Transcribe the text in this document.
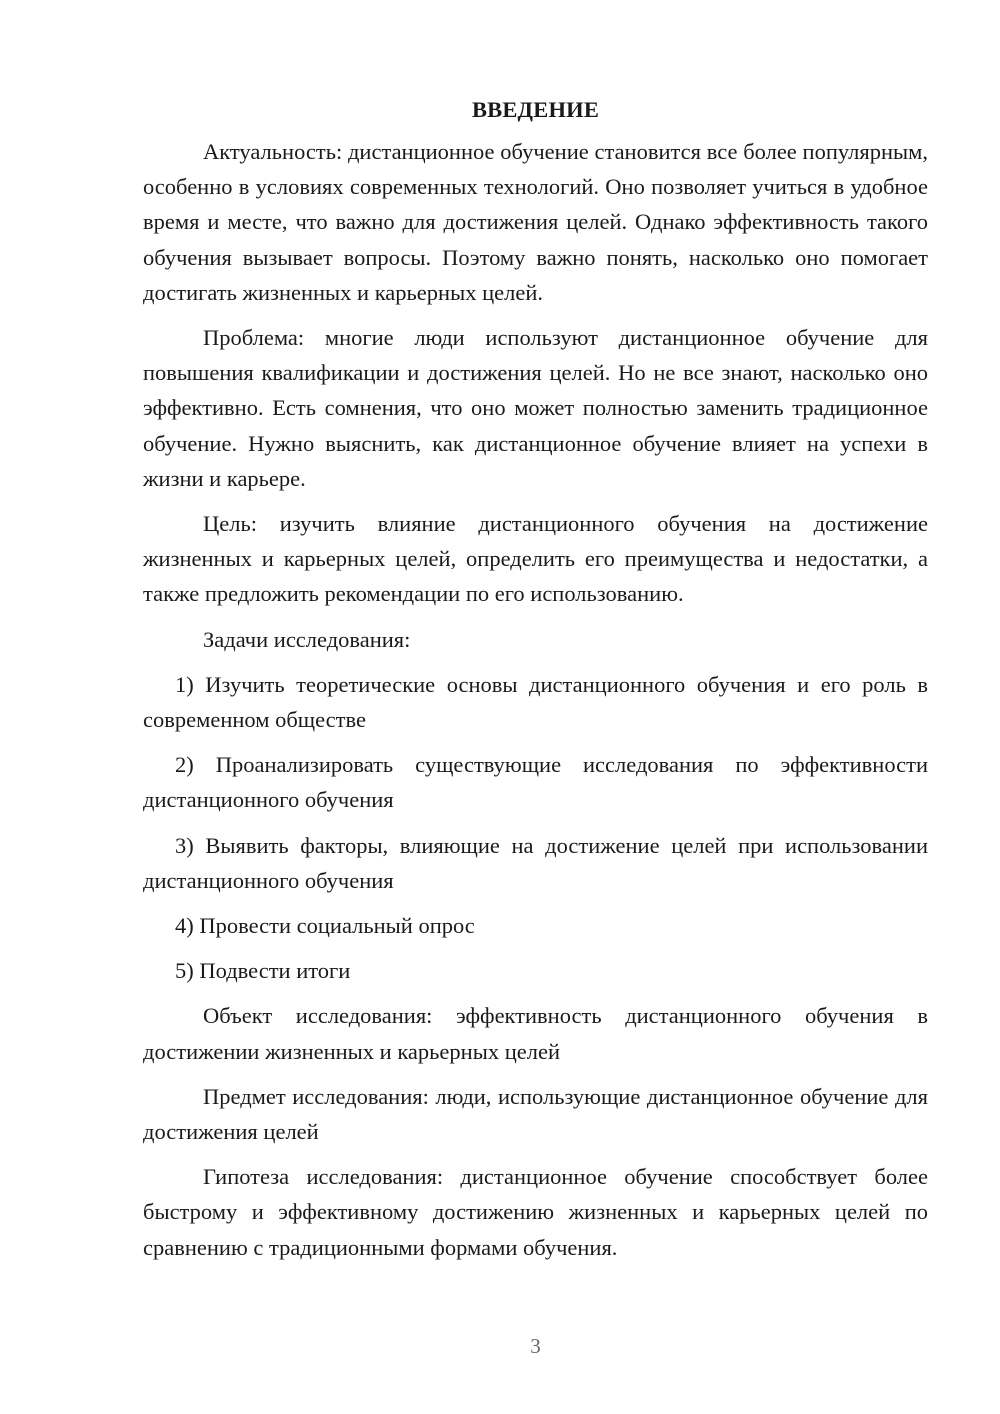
ВВЕДЕНИЕ

Актуальность: дистанционное обучение становится все более популярным, особенно в условиях современных технологий. Оно позволяет учиться в удобное время и месте, что важно для достижения целей. Однако эффективность такого обучения вызывает вопросы. Поэтому важно понять, насколько оно помогает достигать жизненных и карьерных целей.

Проблема: многие люди используют дистанционное обучение для повышения квалификации и достижения целей. Но не все знают, насколько оно эффективно. Есть сомнения, что оно может полностью заменить традиционное обучение. Нужно выяснить, как дистанционное обучение влияет на успехи в жизни и карьере.

Цель: изучить влияние дистанционного обучения на достижение жизненных и карьерных целей, определить его преимущества и недостатки, а также предложить рекомендации по его использованию.

Задачи исследования:

1) Изучить теоретические основы дистанционного обучения и его роль в современном обществе

2) Проанализировать существующие исследования по эффективности дистанционного обучения

3) Выявить факторы, влияющие на достижение целей при использовании дистанционного обучения

4) Провести социальный опрос

5) Подвести итоги

Объект исследования: эффективность дистанционного обучения в достижении жизненных и карьерных целей

Предмет исследования: люди, использующие дистанционное обучение для достижения целей

Гипотеза исследования: дистанционное обучение способствует более быстрому и эффективному достижению жизненных и карьерных целей по сравнению с традиционными формами обучения.

3
